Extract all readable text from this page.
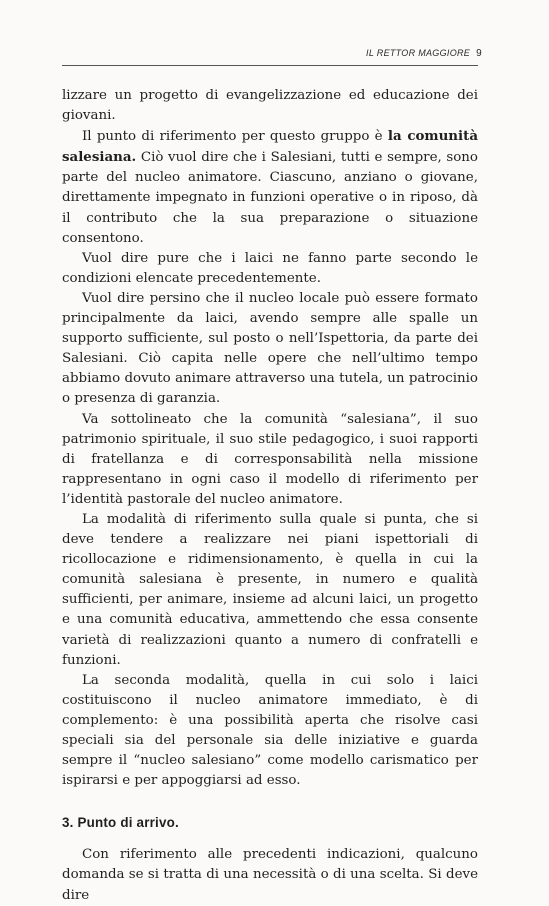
IL RETTOR MAGGIORE 9

lizzare un progetto di evangelizzazione ed educazione dei giovani.

Il punto di riferimento per questo gruppo è la comunità salesiana. Ciò vuol dire che i Salesiani, tutti e sempre, sono parte del nucleo animatore. Ciascuno, anziano o giovane, direttamente impegnato in funzioni operative o in riposo, dà il contributo che la sua preparazione o situazione consentono.

Vuol dire pure che i laici ne fanno parte secondo le condizioni elencate precedentemente.

Vuol dire persino che il nucleo locale può essere formato principalmente da laici, avendo sempre alle spalle un supporto sufficiente, sul posto o nell’Ispettoria, da parte dei Salesiani. Ciò capita nelle opere che nell’ultimo tempo abbiamo dovuto animare attraverso una tutela, un patrocinio o presenza di garanzia.

Va sottolineato che la comunità “salesiana”, il suo patrimonio spirituale, il suo stile pedagogico, i suoi rapporti di fratellanza e di corresponsabilità nella missione rappresentano in ogni caso il modello di riferimento per l’identità pastorale del nucleo animatore.

La modalità di riferimento sulla quale si punta, che si deve tendere a realizzare nei piani ispettoriali di ricollocazione e ridimensionamento, è quella in cui la comunità salesiana è presente, in numero e qualità sufficienti, per animare, insieme ad alcuni laici, un progetto e una comunità educativa, ammettendo che essa consente varietà di realizzazioni quanto a numero di confratelli e funzioni.

La seconda modalità, quella in cui solo i laici costituiscono il nucleo animatore immediato, è di complemento: è una possibilità aperta che risolve casi speciali sia del personale sia delle iniziative e guarda sempre il “nucleo salesiano” come modello carismatico per ispirarsi e per appoggiarsi ad esso.

3. Punto di arrivo.

Con riferimento alle precedenti indicazioni, qualcuno domanda se si tratta di una necessità o di una scelta. Si deve dire
